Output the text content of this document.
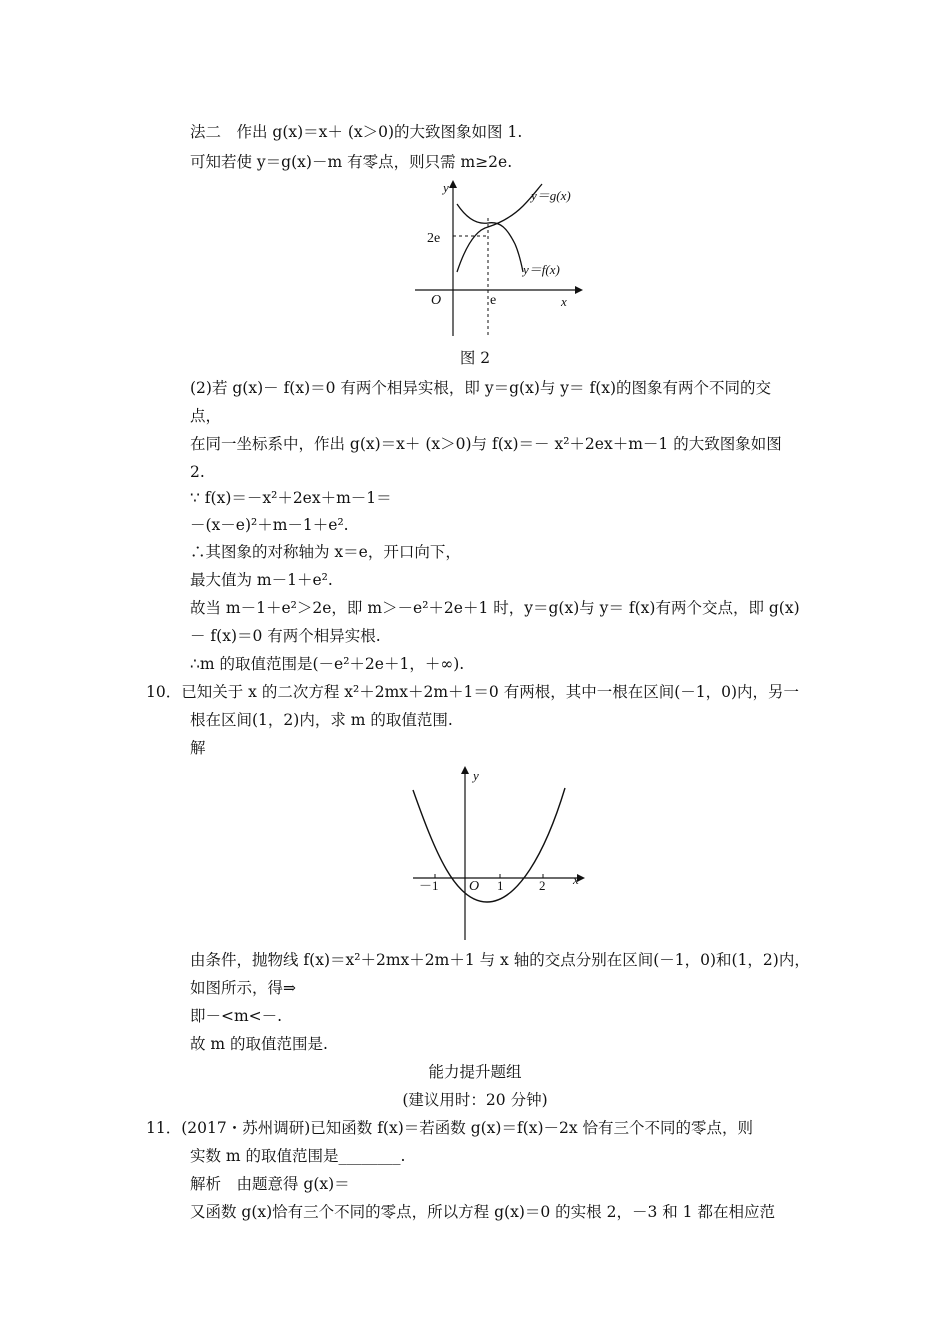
法二　作出 g(x)＝x＋ (x＞0)的大致图象如图 1.
可知若使 y＝g(x)－m 有零点，则只需 m≥2e.
y
x
O
2e
e
y＝g(x)
y＝f(x)
图 2
(2)若 g(x)－ f(x)＝0 有两个相异实根，即 y＝g(x)与 y＝ f(x)的图象有两个不同的交
点，
在同一坐标系中，作出 g(x)＝x＋ (x＞0)与 f(x)＝－ x²＋2ex＋m－1 的大致图象如图
2.
∵ f(x)＝－x²＋2ex＋m－1＝
－(x－e)²＋m－1＋e².
∴其图象的对称轴为 x＝e，开口向下，
最大值为 m－1＋e².
故当 m－1＋e²＞2e，即 m＞－e²＋2e＋1 时，y＝g(x)与 y＝ f(x)有两个交点，即 g(x)
－ f(x)＝0 有两个相异实根.
∴m 的取值范围是(－e²＋2e＋1，＋∞).
10．已知关于 x 的二次方程 x²＋2mx＋2m＋1＝0 有两根，其中一根在区间(－1，0)内，另一
根在区间(1，2)内，求 m 的取值范围.
解
y
x
O
－1	1	2
由条件，抛物线 f(x)＝x²＋2mx＋2m＋1 与 x 轴的交点分别在区间(－1，0)和(1，2)内，
如图所示，得⇒
即－<m<－.
故 m 的取值范围是.
能力提升题组
(建议用时：20 分钟)
11．(2017・苏州调研)已知函数 f(x)＝若函数 g(x)＝f(x)－2x 恰有三个不同的零点，则
实数 m 的取值范围是________.
解析　由题意得 g(x)＝
又函数 g(x)恰有三个不同的零点，所以方程 g(x)＝0 的实根 2，－3 和 1 都在相应范
